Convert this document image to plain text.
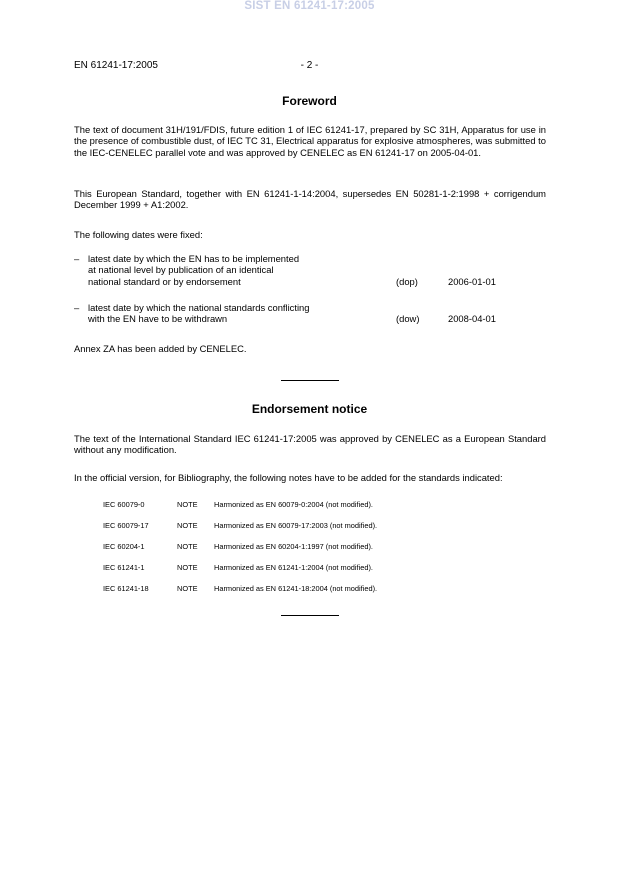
SIST EN 61241-17:2005
EN 61241-17:2005	- 2 -
Foreword
The text of document 31H/191/FDIS, future edition 1 of IEC 61241-17, prepared by SC 31H, Apparatus for use in the presence of combustible dust, of IEC TC 31, Electrical apparatus for explosive atmospheres, was submitted to the IEC-CENELEC parallel vote and was approved by CENELEC as EN 61241-17 on 2005-04-01.
This European Standard, together with EN 61241-1-14:2004, supersedes EN 50281-1-2:1998 + corrigendum December 1999 + A1:2002.
The following dates were fixed:
– latest date by which the EN has to be implemented
at national level by publication of an identical
national standard or by endorsement	(dop)	2006-01-01
– latest date by which the national standards conflicting
with the EN have to be withdrawn	(dow)	2008-04-01
Annex ZA has been added by CENELEC.
Endorsement notice
The text of the International Standard IEC 61241-17:2005 was approved by CENELEC as a European Standard without any modification.
In the official version, for Bibliography, the following notes have to be added for the standards indicated:
IEC 60079-0	NOTE Harmonized as EN 60079-0:2004 (not modified).
IEC 60079-17	NOTE Harmonized as EN 60079-17:2003 (not modified).
IEC 60204-1	NOTE Harmonized as EN 60204-1:1997 (not modified).
IEC 61241-1	NOTE Harmonized as EN 61241-1:2004 (not modified).
IEC 61241-18	NOTE Harmonized as EN 61241-18:2004 (not modified).
